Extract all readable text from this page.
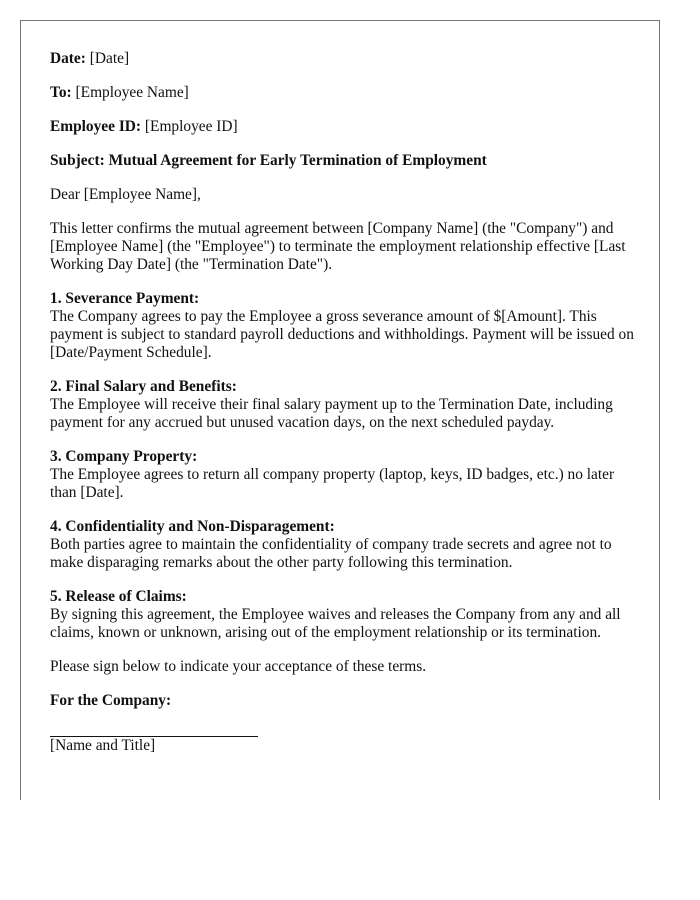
Date: [Date]
To: [Employee Name]
Employee ID: [Employee ID]
Subject: Mutual Agreement for Early Termination of Employment
Dear [Employee Name],
This letter confirms the mutual agreement between [Company Name] (the "Company") and [Employee Name] (the "Employee") to terminate the employment relationship effective [Last Working Day Date] (the "Termination Date").
1. Severance Payment:
The Company agrees to pay the Employee a gross severance amount of $[Amount]. This payment is subject to standard payroll deductions and withholdings. Payment will be issued on [Date/Payment Schedule].
2. Final Salary and Benefits:
The Employee will receive their final salary payment up to the Termination Date, including payment for any accrued but unused vacation days, on the next scheduled payday.
3. Company Property:
The Employee agrees to return all company property (laptop, keys, ID badges, etc.) no later than [Date].
4. Confidentiality and Non-Disparagement:
Both parties agree to maintain the confidentiality of company trade secrets and agree not to make disparaging remarks about the other party following this termination.
5. Release of Claims:
By signing this agreement, the Employee waives and releases the Company from any and all claims, known or unknown, arising out of the employment relationship or its termination.
Please sign below to indicate your acceptance of these terms.
For the Company:
[Name and Title]
